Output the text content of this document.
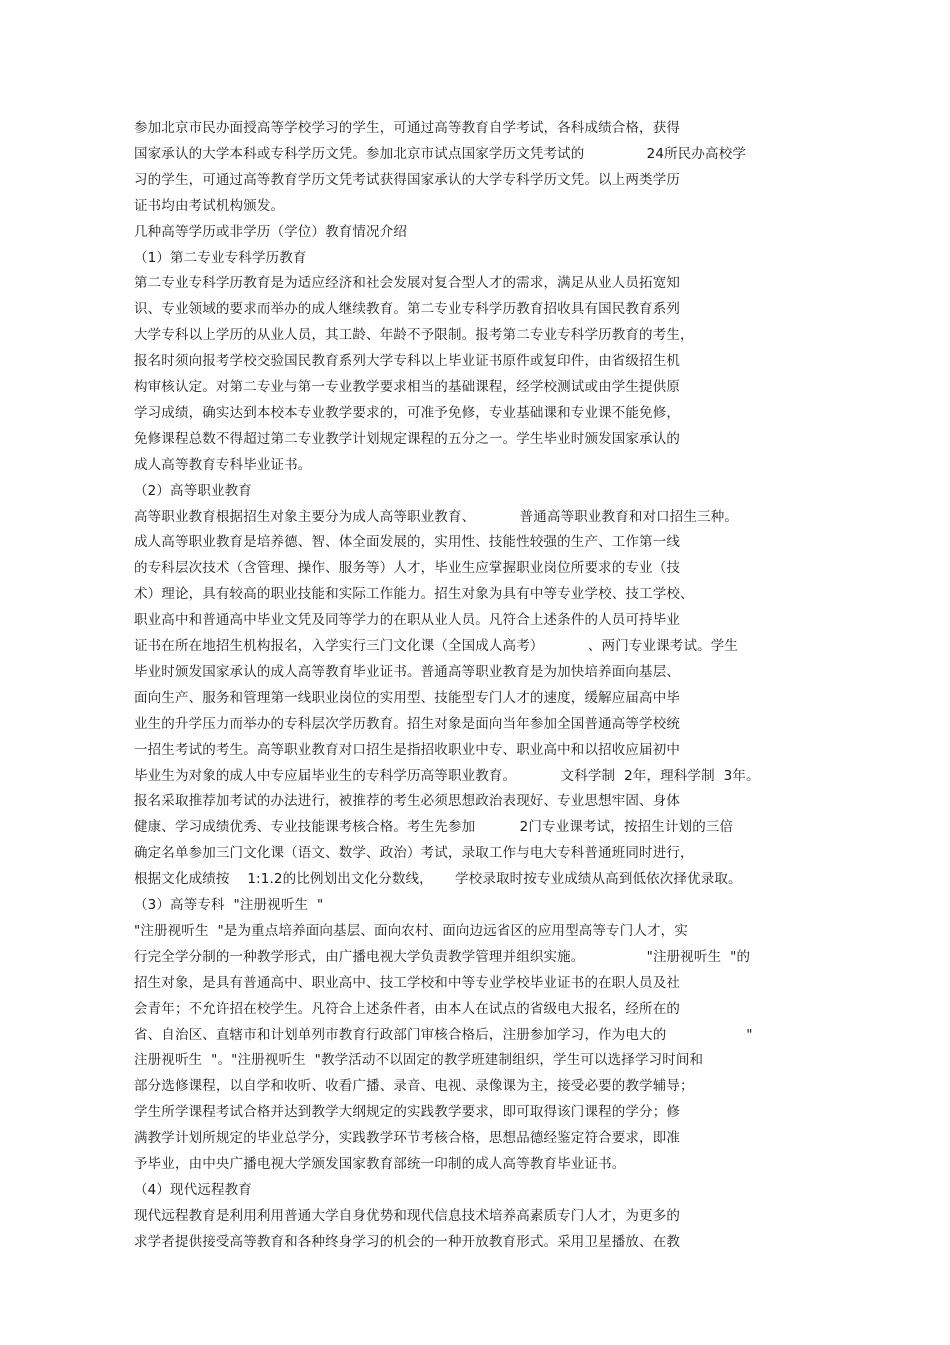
参加北京市民办面授高等学校学习的学生，可通过高等教育自学考试，各科成绩合格，获得
国家承认的大学本科或专科学历文凭。参加北京市试点国家学历文凭考试的              24所民办高校学
习的学生，可通过高等教育学历文凭考试获得国家承认的大学专科学历文凭。以上两类学历
证书均由考试机构颁发。
几种高等学历或非学历（学位）教育情况介绍
（1）第二专业专科学历教育
第二专业专科学历教育是为适应经济和社会发展对复合型人才的需求，满足从业人员拓宽知
识、专业领域的要求而举办的成人继续教育。第二专业专科学历教育招收具有国民教育系列
大学专科以上学历的从业人员，其工龄、年龄不予限制。报考第二专业专科学历教育的考生，
报名时须向报考学校交验国民教育系列大学专科以上毕业证书原件或复印件，由省级招生机
构审核认定。对第二专业与第一专业教学要求相当的基础课程，经学校测试或由学生提供原
学习成绩，确实达到本校本专业教学要求的，可准予免修，专业基础课和专业课不能免修，
免修课程总数不得超过第二专业教学计划规定课程的五分之一。学生毕业时颁发国家承认的
成人高等教育专科毕业证书。
（2）高等职业教育
高等职业教育根据招生对象主要分为成人高等职业教育、          普通高等职业教育和对口招生三种。
成人高等职业教育是培养德、智、体全面发展的，实用性、技能性较强的生产、工作第一线
的专科层次技术（含管理、操作、服务等）人才，毕业生应掌握职业岗位所要求的专业（技
术）理论，具有较高的职业技能和实际工作能力。招生对象为具有中等专业学校、技工学校、
职业高中和普通高中毕业文凭及同等学力的在职从业人员。凡符合上述条件的人员可持毕业
证书在所在地招生机构报名，入学实行三门文化课（全国成人高考）          、两门专业课考试。学生
毕业时颁发国家承认的成人高等教育毕业证书。普通高等职业教育是为加快培养面向基层、
面向生产、服务和管理第一线职业岗位的实用型、技能型专门人才的速度，缓解应届高中毕
业生的升学压力而举办的专科层次学历教育。招生对象是面向当年参加全国普通高等学校统
一招生考试的考生。高等职业教育对口招生是指招收职业中专、职业高中和以招收应届初中
毕业生为对象的成人中专应届毕业生的专科学历高等职业教育。          文科学制  2年，理科学制  3年。
报名采取推荐加考试的办法进行，被推荐的考生必须思想政治表现好、专业思想牢固、身体
健康、学习成绩优秀、专业技能课考核合格。考生先参加          2门专业课考试，按招生计划的三倍
确定名单参加三门文化课（语文、数学、政治）考试，录取工作与电大专科普通班同时进行，
根据文化成绩按    1:1.2的比例划出文化分数线，     学校录取时按专业成绩从高到低依次择优录取。
（3）高等专科  "注册视听生  "
"注册视听生  "是为重点培养面向基层、面向农村、面向边远省区的应用型高等专门人才，实
行完全学分制的一种教学形式，由广播电视大学负责教学管理并组织实施。              "注册视听生  "的
招生对象，是具有普通高中、职业高中、技工学校和中等专业学校毕业证书的在职人员及社
会青年；不允许招在校学生。凡符合上述条件者，由本人在试点的省级电大报名，经所在的
省、自治区、直辖市和计划单列市教育行政部门审核合格后，注册参加学习，作为电大的                  "
注册视听生  "。"注册视听生  "教学活动不以固定的教学班建制组织，学生可以选择学习时间和
部分选修课程，以自学和收听、收看广播、录音、电视、录像课为主，接受必要的教学辅导；
学生所学课程考试合格并达到教学大纲规定的实践教学要求，即可取得该门课程的学分；修
满教学计划所规定的毕业总学分，实践教学环节考核合格，思想品德经鉴定符合要求，即准
予毕业，由中央广播电视大学颁发国家教育部统一印制的成人高等教育毕业证书。
（4）现代远程教育
现代远程教育是利用利用普通大学自身优势和现代信息技术培养高素质专门人才，为更多的
求学者提供接受高等教育和各种终身学习的机会的一种开放教育形式。采用卫星播放、在教
